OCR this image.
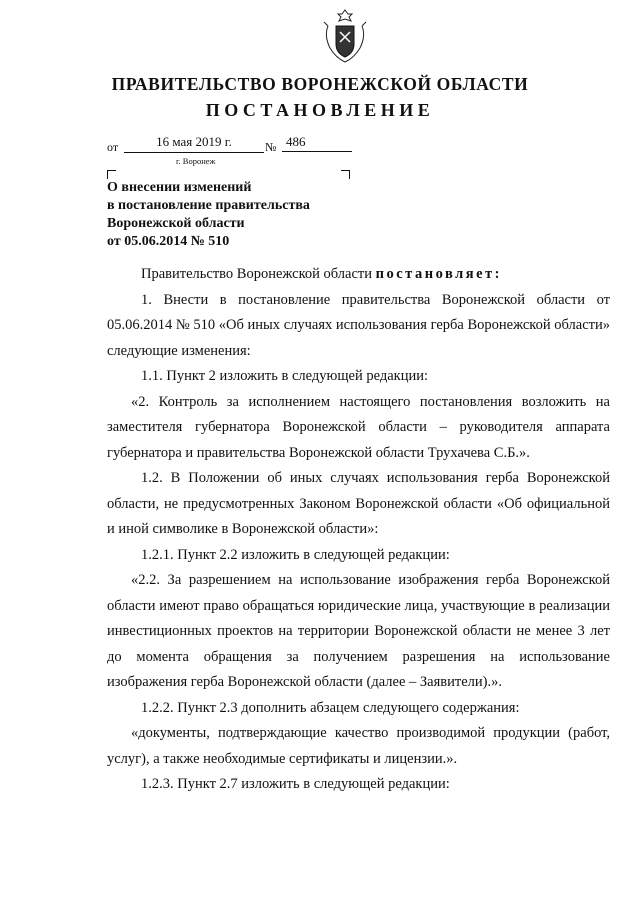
ПРАВИТЕЛЬСТВО ВОРОНЕЖСКОЙ ОБЛАСТИ
ПОСТАНОВЛЕНИЕ
от	16 мая 2019 г.	№ 486
г. Воронеж
О внесении изменений
в постановление правительства
Воронежской области
от 05.06.2014 № 510

Правительство Воронежской области постановляет:

1. Внести в постановление правительства Воронежской области от 05.06.2014 № 510 «Об иных случаях использования герба Воронежской области» следующие изменения:

1.1. Пункт 2 изложить в следующей редакции:

«2. Контроль за исполнением настоящего постановления возложить на заместителя губернатора Воронежской области – руководителя аппарата губернатора и правительства Воронежской области Трухачева С.Б.».

1.2. В Положении об иных случаях использования герба Воронежской области, не предусмотренных Законом Воронежской области «Об официальной и иной символике в Воронежской области»:

1.2.1. Пункт 2.2 изложить в следующей редакции:

«2.2. За разрешением на использование изображения герба Воронежской области имеют право обращаться юридические лица, участвующие в реализации инвестиционных проектов на территории Воронежской области не менее 3 лет до момента обращения за получением разрешения на использование изображения герба Воронежской области (далее – Заявители).».

1.2.2. Пункт 2.3 дополнить абзацем следующего содержания:

«документы, подтверждающие качество производимой продукции (работ, услуг), а также необходимые сертификаты и лицензии.».

1.2.3. Пункт 2.7 изложить в следующей редакции:
